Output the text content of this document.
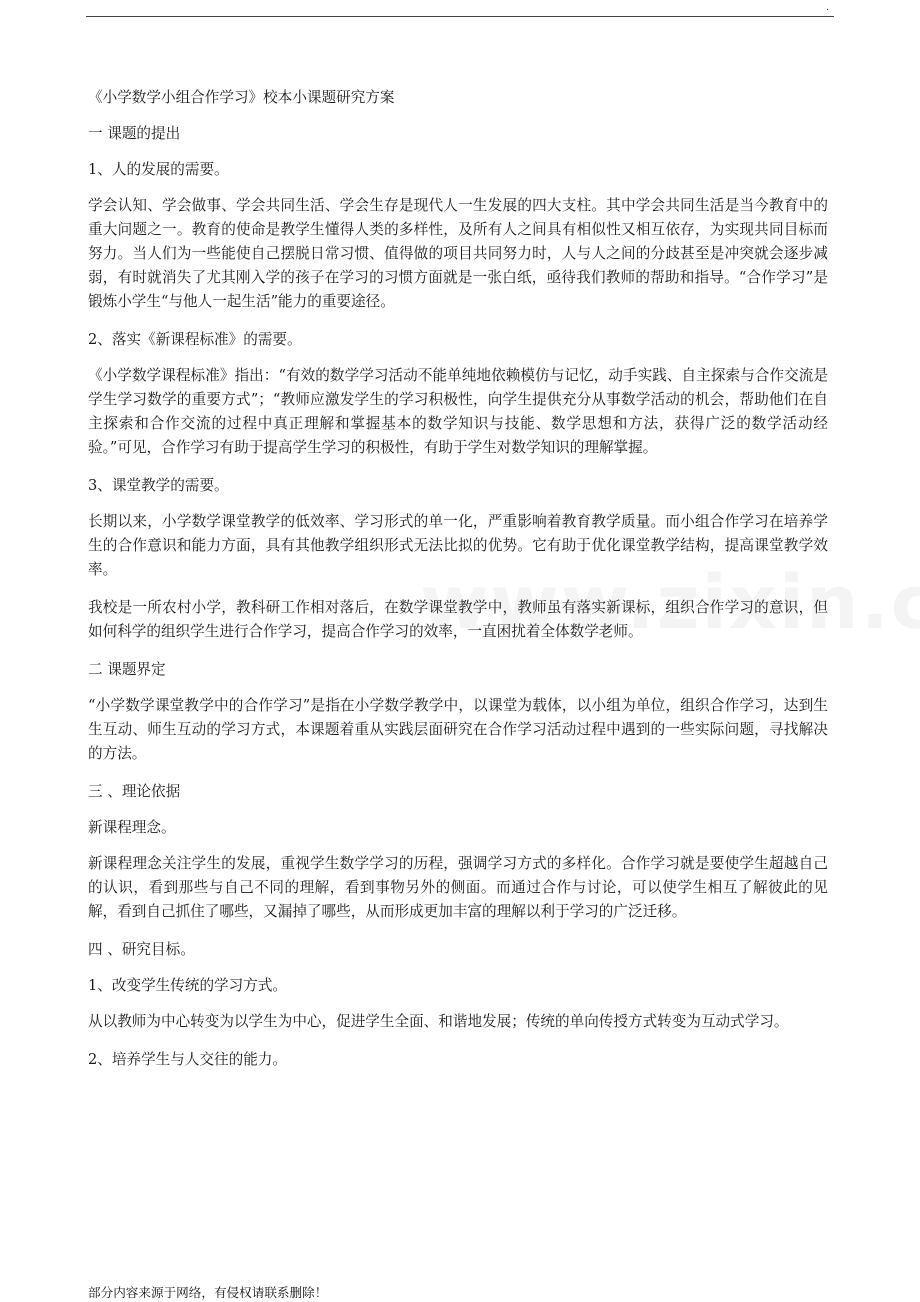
.

《小学数学小组合作学习》校本小课题研究方案

一 课题的提出

1、人的发展的需要。

学会认知、学会做事、学会共同生活、学会生存是现代人一生发展的四大支柱。其中学会共同生活是当今教育中的重大问题之一。教育的使命是教学生懂得人类的多样性，及所有人之间具有相似性又相互依存，为实现共同目标而努力。当人们为一些能使自己摆脱日常习惯、值得做的项目共同努力时，人与人之间的分歧甚至是冲突就会逐步减弱，有时就消失了尤其刚入学的孩子在学习的习惯方面就是一张白纸，亟待我们教师的帮助和指导。“合作学习”是锻炼小学生“与他人一起生活”能力的重要途径。

2、落实《新课程标准》的需要。

《小学数学课程标准》指出：“有效的数学学习活动不能单纯地依赖模仿与记忆，动手实践、自主探索与合作交流是学生学习数学的重要方式”；“教师应激发学生的学习积极性，向学生提供充分从事数学活动的机会，帮助他们在自主探索和合作交流的过程中真正理解和掌握基本的数学知识与技能、数学思想和方法，获得广泛的数学活动经验。”可见，合作学习有助于提高学生学习的积极性，有助于学生对数学知识的理解掌握。

3、课堂教学的需要。

长期以来，小学数学课堂教学的低效率、学习形式的单一化，严重影响着教育教学质量。而小组合作学习在培养学生的合作意识和能力方面，具有其他教学组织形式无法比拟的优势。它有助于优化课堂教学结构，提高课堂教学效率。

我校是一所农村小学，教科研工作相对落后，在数学课堂教学中，教师虽有落实新课标，组织合作学习的意识，但如何科学的组织学生进行合作学习，提高合作学习的效率，一直困扰着全体数学老师。

二 课题界定

“小学数学课堂教学中的合作学习”是指在小学数学教学中，以课堂为载体，以小组为单位，组织合作学习，达到生生互动、师生互动的学习方式，本课题着重从实践层面研究在合作学习活动过程中遇到的一些实际问题，寻找解决的方法。

三 、理论依据

新课程理念。

新课程理念关注学生的发展，重视学生数学学习的历程，强调学习方式的多样化。合作学习就是要使学生超越自己的认识，看到那些与自己不同的理解，看到事物另外的侧面。而通过合作与讨论，可以使学生相互了解彼此的见解，看到自己抓住了哪些，又漏掉了哪些，从而形成更加丰富的理解以利于学习的广泛迁移。

四 、研究目标。

1、改变学生传统的学习方式。

从以教师为中心转变为以学生为中心，促进学生全面、和谐地发展；传统的单向传授方式转变为互动式学习。

2、培养学生与人交往的能力。

部分内容来源于网络，有侵权请联系删除！
